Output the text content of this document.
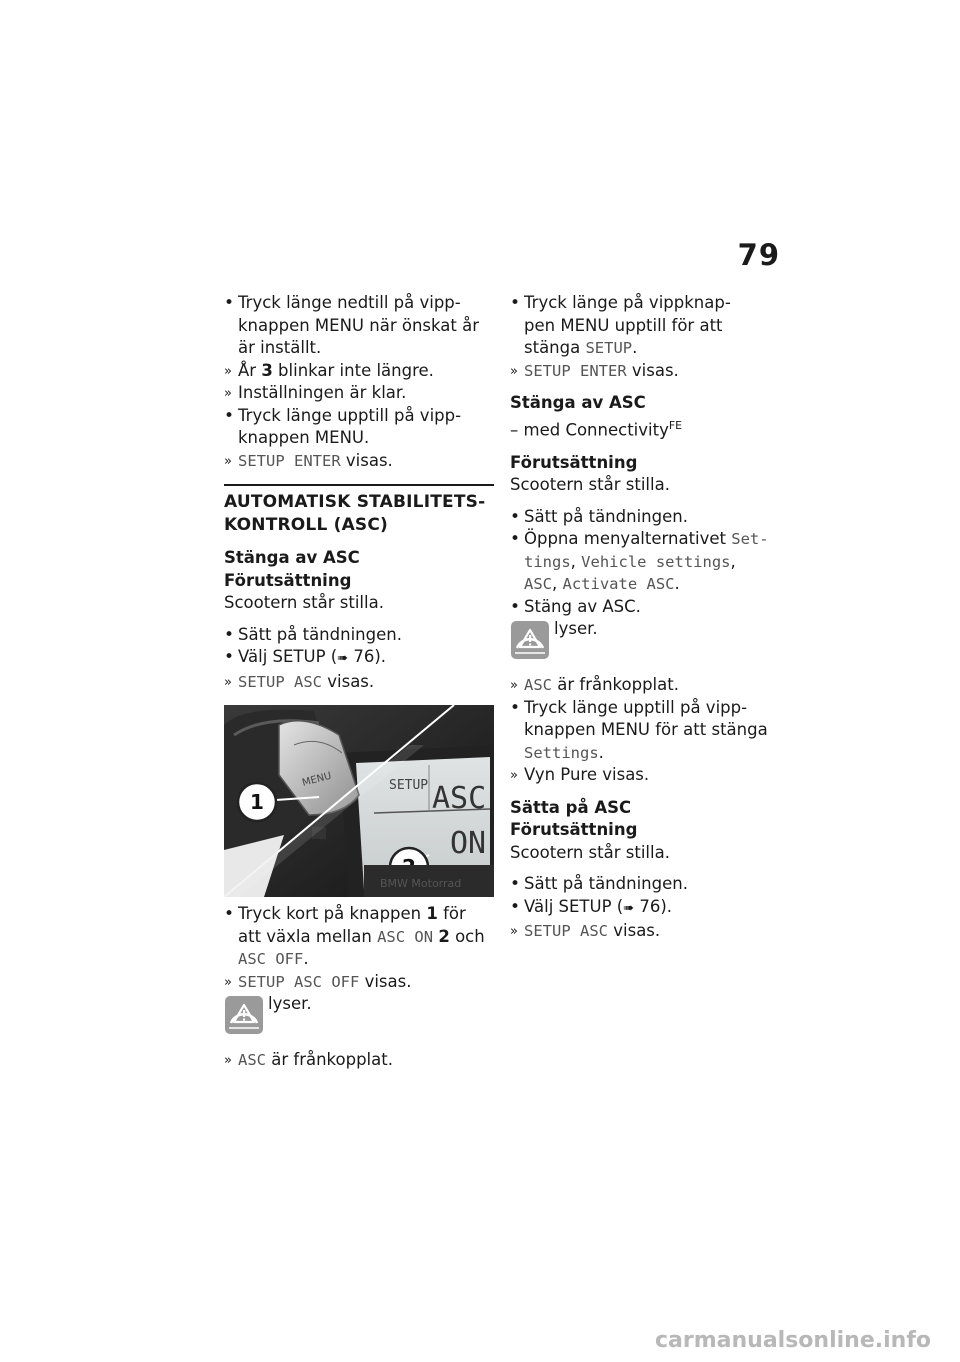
79
• Tryck länge nedtill på vipp-
knappen MENU när önskat år
är inställt.
» År 3 blinkar inte längre.
» Inställningen är klar.
• Tryck länge upptill på vipp-
knappen MENU.
» SETUP ENTER visas.
AUTOMATISK STABILITETS-
KONTROLL (ASC)
Stänga av ASC
Förutsättning
Scootern står stilla.
• Sätt på tändningen.
• Välj SETUP (➠ 76).
» SETUP ASC visas.
SETUP ASC
ON
MENU
1
BMW Motorrad
• Tryck kort på knappen 1 för
att växla mellan ASC ON 2 och
ASC OFF.
» SETUP ASC OFF visas.
lyser.
» ASC är frånkopplat.
• Tryck länge på vippknap-
pen MENU upptill för att
stänga SETUP.
» SETUP ENTER visas.
Stänga av ASC
– med Connectivity$^{FE}$
Förutsättning
Scootern står stilla.
• Sätt på tändningen.
• Öppna menyalternativet Set-
tings, Vehicle settings,
ASC, Activate ASC.
• Stäng av ASC.
lyser.
» ASC är frånkopplat.
• Tryck länge upptill på vipp-
knappen MENU för att stänga
Settings.
» Vyn Pure visas.
Sätta på ASC
Förutsättning
Scootern står stilla.
• Sätt på tändningen.
• Välj SETUP (➠ 76).
» SETUP ASC visas.
carmanualsonline.info
